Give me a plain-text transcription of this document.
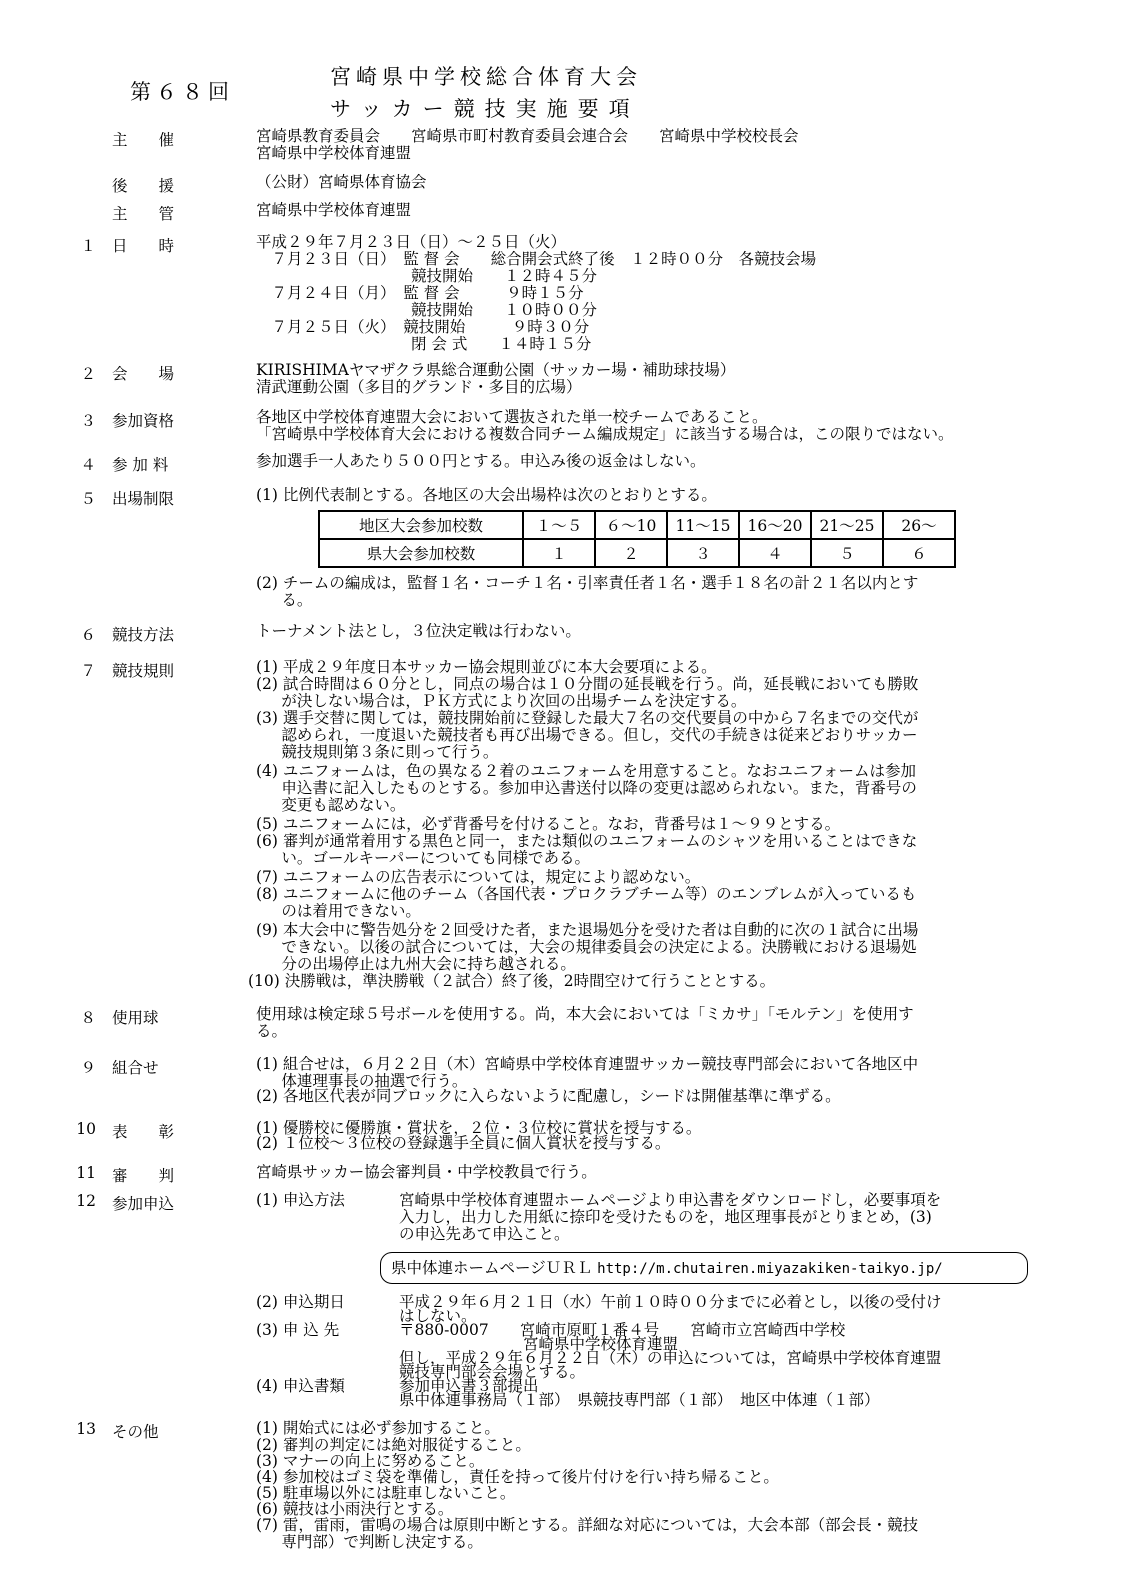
第６８回
宮崎県中学校総合体育大会
サッカー競技実施要項
主　　催	宮崎県教育委員会　　宮崎県市町村教育委員会連合会　　宮崎県中学校校長会
宮崎県中学校体育連盟
後　　援	（公財）宮崎県体育協会
主　　管	宮崎県中学校体育連盟
１ 日　　時	平成２９年７月２３日（日）～２５日（火）
　７月２３日（日）　監 督 会　　総合開会式終了後　１２時００分　各競技会場
　　　　　　　　　　競技開始　　１２時４５分
　７月２４日（月）　監 督 会　　　９時１５分
　　　　　　　　　　競技開始　　１０時００分
　７月２５日（火）　競技開始　　　９時３０分
　　　　　　　　　　閉 会 式　　１４時１５分
２ 会　　場	KIRISHIMAヤマザクラ県総合運動公園（サッカー場・補助球技場）
清武運動公園（多目的グランド・多目的広場）
３ 参加資格	各地区中学校体育連盟大会において選抜された単一校チームであること。
「宮崎県中学校体育大会における複数合同チーム編成規定」に該当する場合は，この限りではない。
４ 参 加 料	参加選手一人あたり５００円とする。申込み後の返金はしない。
５ 出場制限	(1) 比例代表制とする。各地区の大会出場枠は次のとおりとする。
地区大会参加校数	１～５	６～10	11～15	16～20	21～25	26～
県大会参加校数	１	２	３	４	５	６
(2) チームの編成は，監督１名・コーチ１名・引率責任者１名・選手１８名の計２１名以内とす
　  る。
６ 競技方法	トーナメント法とし，３位決定戦は行わない。
７ 競技規則	(1) 平成２９年度日本サッカー協会規則並びに本大会要項による。
(2) 試合時間は６０分とし，同点の場合は１０分間の延長戦を行う。尚，延長戦においても勝敗
　  が決しない場合は，ＰＫ方式により次回の出場チームを決定する。
(3) 選手交替に関しては，競技開始前に登録した最大７名の交代要員の中から７名までの交代が
　  認められ，一度退いた競技者も再び出場できる。但し，交代の手続きは従来どおりサッカー
　  競技規則第３条に則って行う。
(4) ユニフォームは，色の異なる２着のユニフォームを用意すること。なおユニフォームは参加
　  申込書に記入したものとする。参加申込書送付以降の変更は認められない。また，背番号の
　  変更も認めない。
(5) ユニフォームには，必ず背番号を付けること。なお，背番号は１～９９とする。
(6) 審判が通常着用する黒色と同一，または類似のユニフォームのシャツを用いることはできな
　  い。ゴールキーパーについても同様である。
(7) ユニフォームの広告表示については，規定により認めない。
(8) ユニフォームに他のチーム（各国代表・プロクラブチーム等）のエンブレムが入っているも
　  のは着用できない。
(9) 本大会中に警告処分を２回受けた者，また退場処分を受けた者は自動的に次の１試合に出場
　  できない。以後の試合については，大会の規律委員会の決定による。決勝戦における退場処
　  分の出場停止は九州大会に持ち越される。
(10) 決勝戦は，準決勝戦（２試合）終了後，2時間空けて行うこととする。
８ 使用球	使用球は検定球５号ボールを使用する。尚，本大会においては「ミカサ」「モルテン」を使用す
る。
９ 組合せ	(1) 組合せは，６月２２日（木）宮崎県中学校体育連盟サッカー競技専門部会において各地区中
　  体連理事長の抽選で行う。
(2) 各地区代表が同ブロックに入らないように配慮し，シードは開催基準に準ずる。
10 表　　彰	(1) 優勝校に優勝旗・賞状を，２位・３位校に賞状を授与する。
(2) １位校～３位校の登録選手全員に個人賞状を授与する。
11 審　　判	宮崎県サッカー協会審判員・中学校教員で行う。
12 参加申込	(1) 申込方法	宮崎県中学校体育連盟ホームページより申込書をダウンロードし，必要事項を
入力し，出力した用紙に捺印を受けたものを，地区理事長がとりまとめ，(3)
の申込先あて申込こと。
県中体連ホームページＵＲＬ http://m.chutairen.miyazakiken-taikyo.jp/
(2) 申込期日	平成２９年６月２１日（水）午前１０時００分までに必着とし，以後の受付け
はしない。
(3) 申 込 先	〒880-0007　　宮崎市原町１番４号　　宮崎市立宮崎西中学校
　　　　　　　　宮崎県中学校体育連盟
但し，平成２９年６月２２日（木）の申込については，宮崎県中学校体育連盟
競技専門部会会場とする。
(4) 申込書類	参加申込書３部提出
県中体連事務局（１部）　県競技専門部（１部）　地区中体連（１部）
13 その他	(1) 開始式には必ず参加すること。
(2) 審判の判定には絶対服従すること。
(3) マナーの向上に努めること。
(4) 参加校はゴミ袋を準備し，責任を持って後片付けを行い持ち帰ること。
(5) 駐車場以外には駐車しないこと。
(6) 競技は小雨決行とする。
(7) 雷，雷雨，雷鳴の場合は原則中断とする。詳細な対応については，大会本部（部会長・競技
　  専門部）で判断し決定する。
